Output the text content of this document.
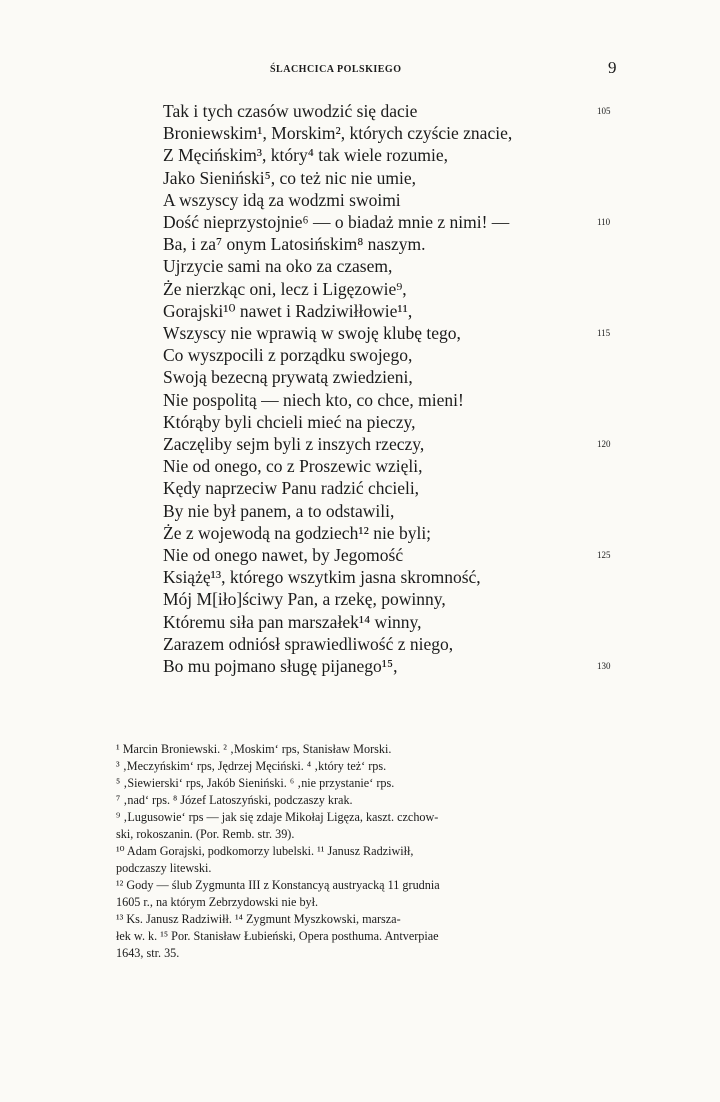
ŚLACHCICA POLSKIEGO	9
Tak i tych czasów uwodzić się dacie	105
Broniewskim¹, Morskim², których czyście znacie,
Z Męcińskim³, który⁴ tak wiele rozumie,
Jako Sieniński⁵, co też nic nie umie,
A wszyscy idą za wodzmi swoimi
Dość nieprzystojnie⁶ — o biadaż mnie z nimi! —	110
Ba, i za⁷ onym Latosińskim⁸ naszym.
Ujrzycie sami na oko za czasem,
Że nierzkąc oni, lecz i Ligęzowie⁹,
Gorajski¹⁰ nawet i Radziwiłłowie¹¹,
Wszyscy nie wprawią w swoję klubę tego,	115
Co wyszpocili z porządku swojego,
Swoją bezecną prywatą zwiedzieni,
Nie pospolitą — niech kto, co chce, mieni!
Którąby byli chcieli mieć na pieczy,
Zaczęliby sejm byli z inszych rzeczy,	120
Nie od onego, co z Proszewic wzięli,
Kędy naprzeciw Panu radzić chcieli,
By nie był panem, a to odstawili,
Że z wojewodą na godziech¹² nie byli;
Nie od onego nawet, by Jegomość	125
Książę¹³, którego wszytkim jasna skromność,
Mój M[iło]ściwy Pan, a rzekę, powinny,
Któremu siła pan marszałek¹⁴ winny,
Zarazem odniósł sprawiedliwość z niego,
Bo mu pojmano sługę pijanego¹⁵,	130
¹ Marcin Broniewski. ² ‚Moskim‘ rps, Stanisław Morski.
³ ‚Meczyńskim‘ rps, Jędrzej Męciński. ⁴ ‚który też‘ rps.
⁵ ‚Siewierski‘ rps, Jakób Sieniński. ⁶ ‚nie przystanie‘ rps.
⁷ ‚nad‘ rps. ⁸ Józef Latoszyński, podczaszy krak.
⁹ ‚Lugusowie‘ rps — jak się zdaje Mikołaj Ligęza, kaszt. czchow-
ski, rokoszanin. (Por. Remb. str. 39).
¹⁰ Adam Gorajski, podkomorzy lubelski. ¹¹ Janusz Radziwiłł,
podczaszy litewski.
¹² Gody — ślub Zygmunta III z Konstancyą austryacką 11 grudnia
1605 r., na którym Zebrzydowski nie był.
¹³ Ks. Janusz Radziwiłł. ¹⁴ Zygmunt Myszkowski, marsza-
łek w. k. ¹⁵ Por. Stanisław Łubieński, Opera posthuma. Antverpiae
1643, str. 35.
